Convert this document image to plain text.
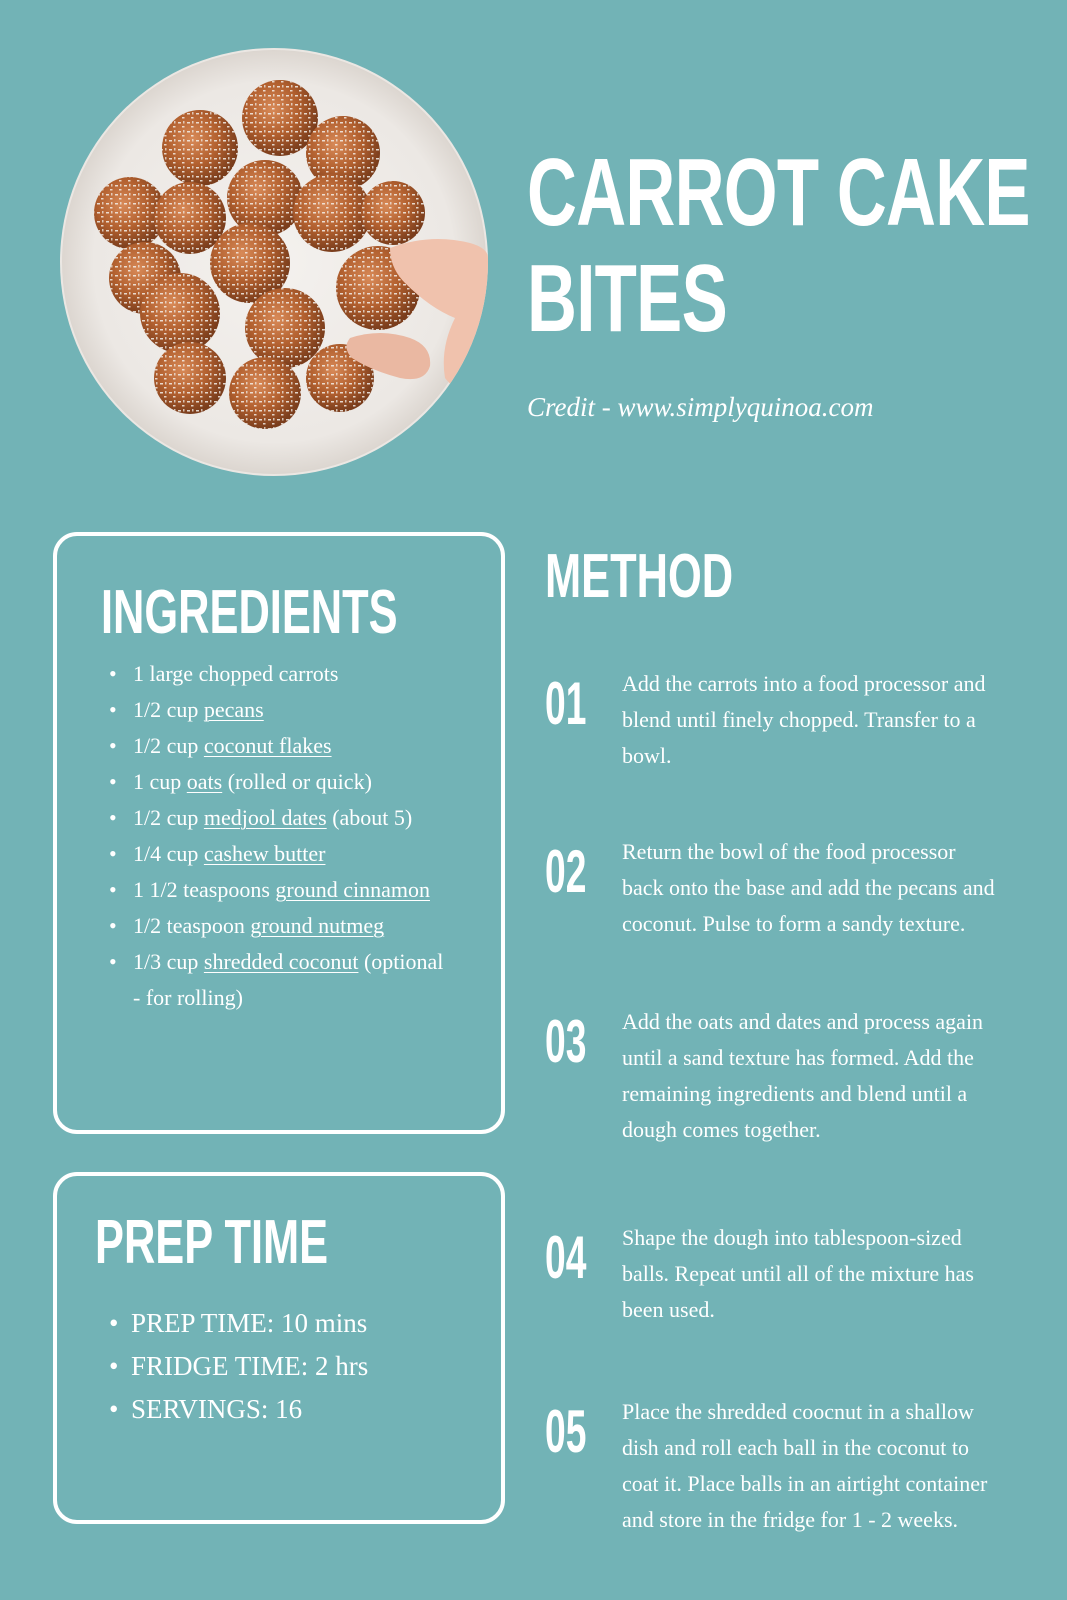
CARROT CAKE
BITES
Credit - www.simplyquinoa.com
INGREDIENTS
• 1 large chopped carrots
• 1/2 cup pecans
• 1/2 cup coconut flakes
• 1 cup oats (rolled or quick)
• 1/2 cup medjool dates (about 5)
• 1/4 cup cashew butter
• 1 1/2 teaspoons ground cinnamon
• 1/2 teaspoon ground nutmeg
• 1/3 cup shredded coconut (optional - for rolling)
PREP TIME
• PREP TIME: 10 mins
• FRIDGE TIME: 2 hrs
• SERVINGS: 16
METHOD
01 Add the carrots into a food processor and blend until finely chopped. Transfer to a bowl.

02 Return the bowl of the food processor back onto the base and add the pecans and coconut. Pulse to form a sandy texture.

03 Add the oats and dates and process again until a sand texture has formed. Add the remaining ingredients and blend until a dough comes together.

04 Shape the dough into tablespoon-sized balls. Repeat until all of the mixture has been used.

05 Place the shredded coocnut in a shallow dish and roll each ball in the coconut to coat it. Place balls in an airtight container and store in the fridge for 1 - 2 weeks.
